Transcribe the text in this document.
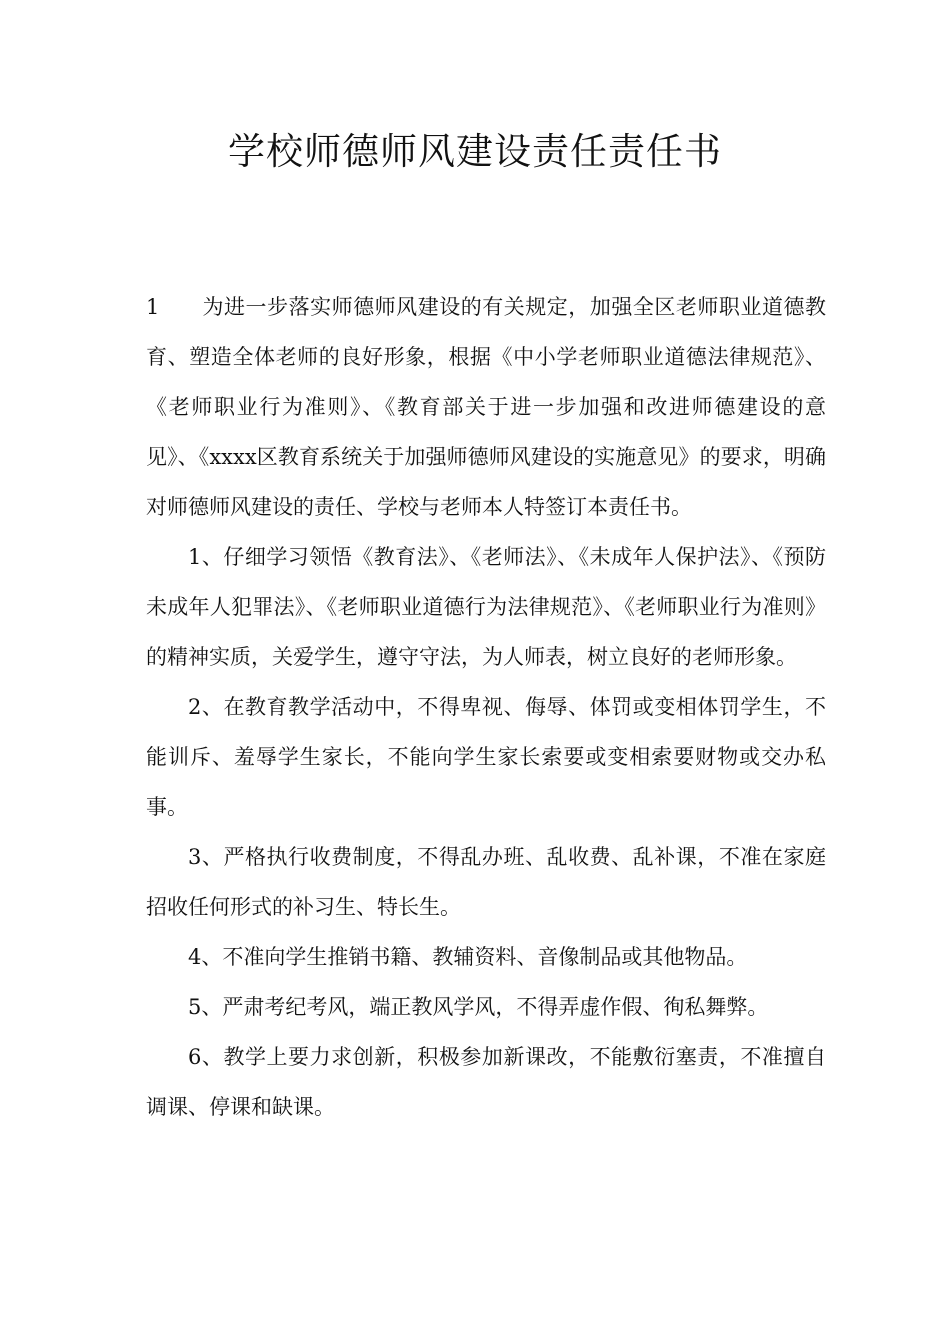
学校师德师风建设责任责任书

1 为进一步落实师德师风建设的有关规定，加强全区老师职业道德教育、塑造全体老师的良好形象，根据《中小学老师职业道德法律规范》、《老师职业行为准则》、《教育部关于进一步加强和改进师德建设的意见》、《xxxx区教育系统关于加强师德师风建设的实施意见》的要求，明确对师德师风建设的责任、学校与老师本人特签订本责任书。

1、仔细学习领悟《教育法》、《老师法》、《未成年人保护法》、《预防未成年人犯罪法》、《老师职业道德行为法律规范》、《老师职业行为准则》的精神实质，关爱学生，遵守守法，为人师表，树立良好的老师形象。

2、在教育教学活动中，不得卑视、侮辱、体罚或变相体罚学生，不能训斥、羞辱学生家长，不能向学生家长索要或变相索要财物或交办私事。

3、严格执行收费制度，不得乱办班、乱收费、乱补课，不准在家庭招收任何形式的补习生、特长生。

4、不准向学生推销书籍、教辅资料、音像制品或其他物品。

5、严肃考纪考风，端正教风学风，不得弄虚作假、徇私舞弊。

6、教学上要力求创新，积极参加新课改，不能敷衍塞责，不准擅自调课、停课和缺课。
